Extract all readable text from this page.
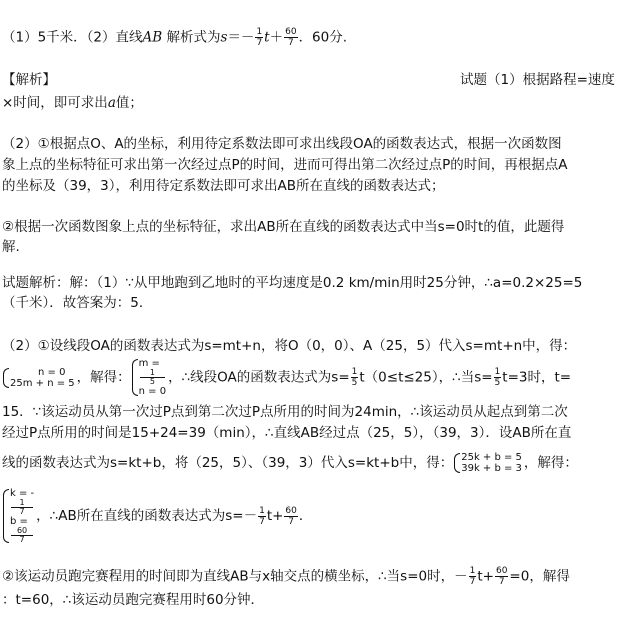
（1）5千米．（2）直线AB 解析式为$s=- \frac{1}{7} t+ \frac{60}{7}$ ．60分.
【解析】	试题（1）根据路程=速度
×时间，即可求出a值；
（2）①根据点O、A的坐标，利用待定系数法即可求出线段OA的函数表达式，根据一次函数图
象上点的坐标特征可求出第一次经过点P的时间，进而可得出第二次经过点P的时间，再根据点A
的坐标及（39，3），利用待定系数法即可求出AB所在直线的函数表达式；
②根据一次函数图象上点的坐标特征，求出AB所在直线的函数表达式中当s=0时t的值，此题得
解.
试题解析：解：（1）∵从甲地跑到乙地时的平均速度是0.2 km/min用时25分钟，∴a=0.2×25=5
（千米）．故答案为：5．
（2）①设线段OA的函数表达式为s=mt+n，将O（0，0）、A（25，5）代入s=mt+n中，得：
n = 0
25m + n = 5 ，解得：
m =
1
5
n = 0
，∴线段OA的函数表达式为$s= \frac{1}{5} t(0\le t\le 25)$，∴当$s= \frac{1}{5} t=3$时，t=
15．∵该运动员从第一次过P点到第二次过P点所用的时间为24min，∴该运动员从起点到第二次
经过P点所用的时间是15+24=39（min），∴直线AB经过点（25，5），（39，3）．设AB所在直
线的函数表达式为s=kt+b，将（25，5）、（39，3）代入s=kt+b中，得： 25k + b = 5
39k + b = 3 ，解得：
k = -
1
7
b =
60
7
，∴AB所在直线的函数表达式为$s=- \frac{1}{7} t+ \frac{60}{7}$ ．
②该运动员跑完赛程用的时间即为直线AB与x轴交点的横坐标，∴当s=0时，－ $\frac{1}{7} t+ \frac{60}{7} =0$，解得
：t=60，∴该运动员跑完赛程用时60分钟．
